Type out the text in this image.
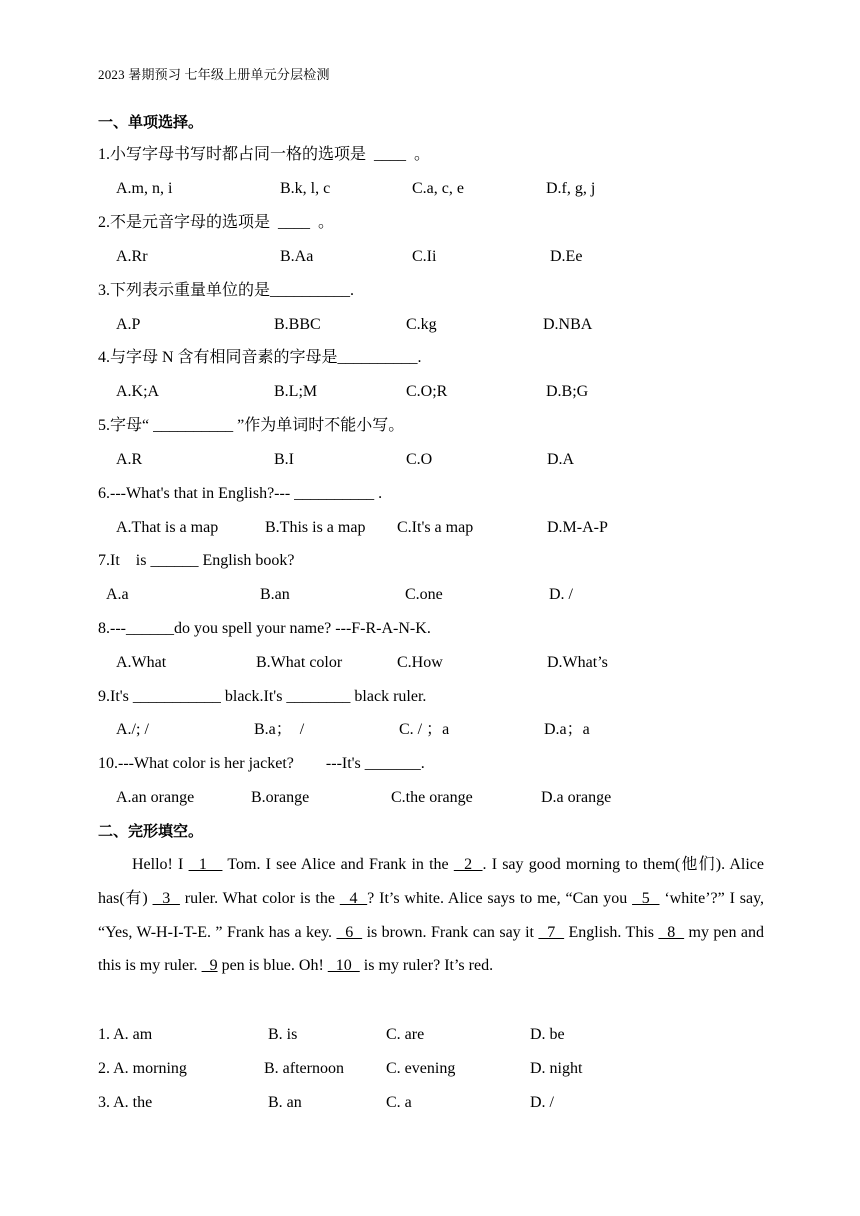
2023 暑期预习 七年级上册单元分层检测
一、单项选择。
1.小写字母书写时都占同一格的选项是  ____  。
A.m, n, i	B.k, l, c	C.a, c, e	D.f, g, j
2.不是元音字母的选项是  ____  。
A.Rr	B.Aa	C.Ii	D.Ee
3.下列表示重量单位的是__________.
A.P	B.BBC	C.kg	D.NBA
4.与字母 N 含有相同音素的字母是__________.
A.K;A	B.L;M	C.O;R	D.B;G
5.字母“ __________ ”作为单词时不能小写。
A.R	B.I	C.O	D.A
6.---What's that in English?--- __________ .
A.That is a map	B.This is a map C.It's a map	D.M-A-P
7.It    is ______ English book?
A.a	B.an	C.one	D. /
8.---______do you spell your name? ---F-R-A-N-K.
A.What	B.What color	C.How	D.What’s
9.It's ___________ black.It's ________ black ruler.
A./; /	B.a；  /	C. / ；a	D.a；a
10.---What color is her jacket?        ---It's _______.
A.an orange	B.orange	C.the orange	D.a orange
二、完形填空。
Hello! I   1    Tom. I see Alice and Frank in the   2  . I say good morning to them(他们). Alice has(有)   3   ruler. What color is the   4  ? It’s white. Alice says to me, “Can you   5   ‘white’?” I say, “Yes, W-H-I-T-E. ” Frank has a key.   6   is brown. Frank can say it   7   English. This   8   my pen and this is my ruler.   9 pen is blue. Oh!   10   is my ruler? It’s red.
1. A. am	B. is	C. are	D. be
2. A. morning	B. afternoon	C. evening	D. night
3. A. the	B. an	C. a	D. /
